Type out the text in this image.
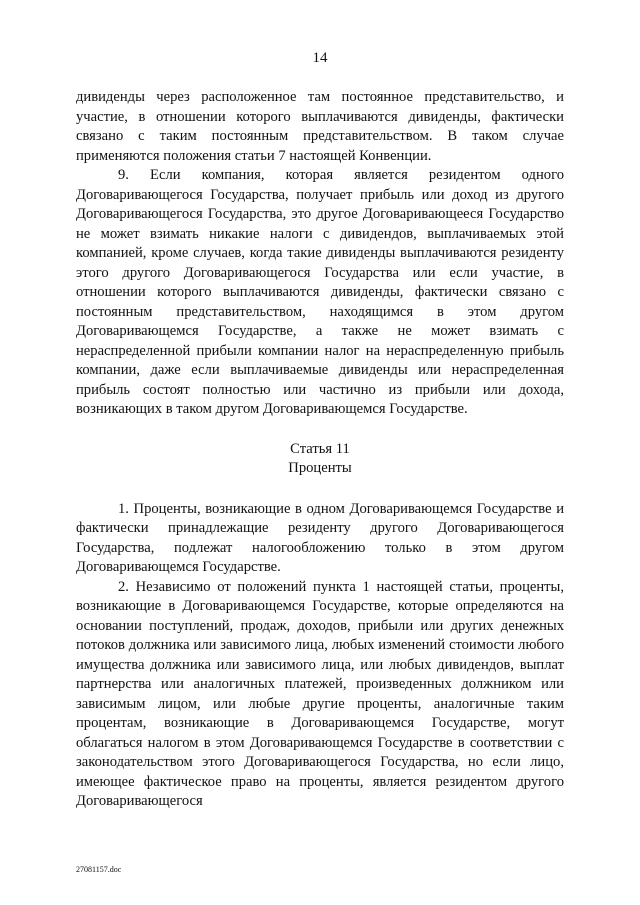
14

дивиденды через расположенное там постоянное представительство, и участие, в отношении которого выплачиваются дивиденды, фактически связано с таким постоянным представительством. В таком случае применяются положения статьи 7 настоящей Конвенции.

9. Если компания, которая является резидентом одного Договаривающегося Государства, получает прибыль или доход из другого Договаривающегося Государства, это другое Договаривающееся Государство не может взимать никакие налоги с дивидендов, выплачиваемых этой компанией, кроме случаев, когда такие дивиденды выплачиваются резиденту этого другого Договаривающегося Государства или если участие, в отношении которого выплачиваются дивиденды, фактически связано с постоянным представительством, находящимся в этом другом Договаривающемся Государстве, а также не может взимать с нераспределенной прибыли компании налог на нераспределенную прибыль компании, даже если выплачиваемые дивиденды или нераспределенная прибыль состоят полностью или частично из прибыли или дохода, возникающих в таком другом Договаривающемся Государстве.

Статья 11

Проценты

1. Проценты, возникающие в одном Договаривающемся Государстве и фактически принадлежащие резиденту другого Договаривающегося Государства, подлежат налогообложению только в этом другом Договаривающемся Государстве.

2. Независимо от положений пункта 1 настоящей статьи, проценты, возникающие в Договаривающемся Государстве, которые определяются на основании поступлений, продаж, доходов, прибыли или других денежных потоков должника или зависимого лица, любых изменений стоимости любого имущества должника или зависимого лица, или любых дивидендов, выплат партнерства или аналогичных платежей, произведенных должником или зависимым лицом, или любые другие проценты, аналогичные таким процентам, возникающие в Договаривающемся Государстве, могут облагаться налогом в этом Договаривающемся Государстве в соответствии с законодательством этого Договаривающегося Государства, но если лицо, имеющее фактическое право на проценты, является резидентом другого Договаривающегося

27081157.doc
